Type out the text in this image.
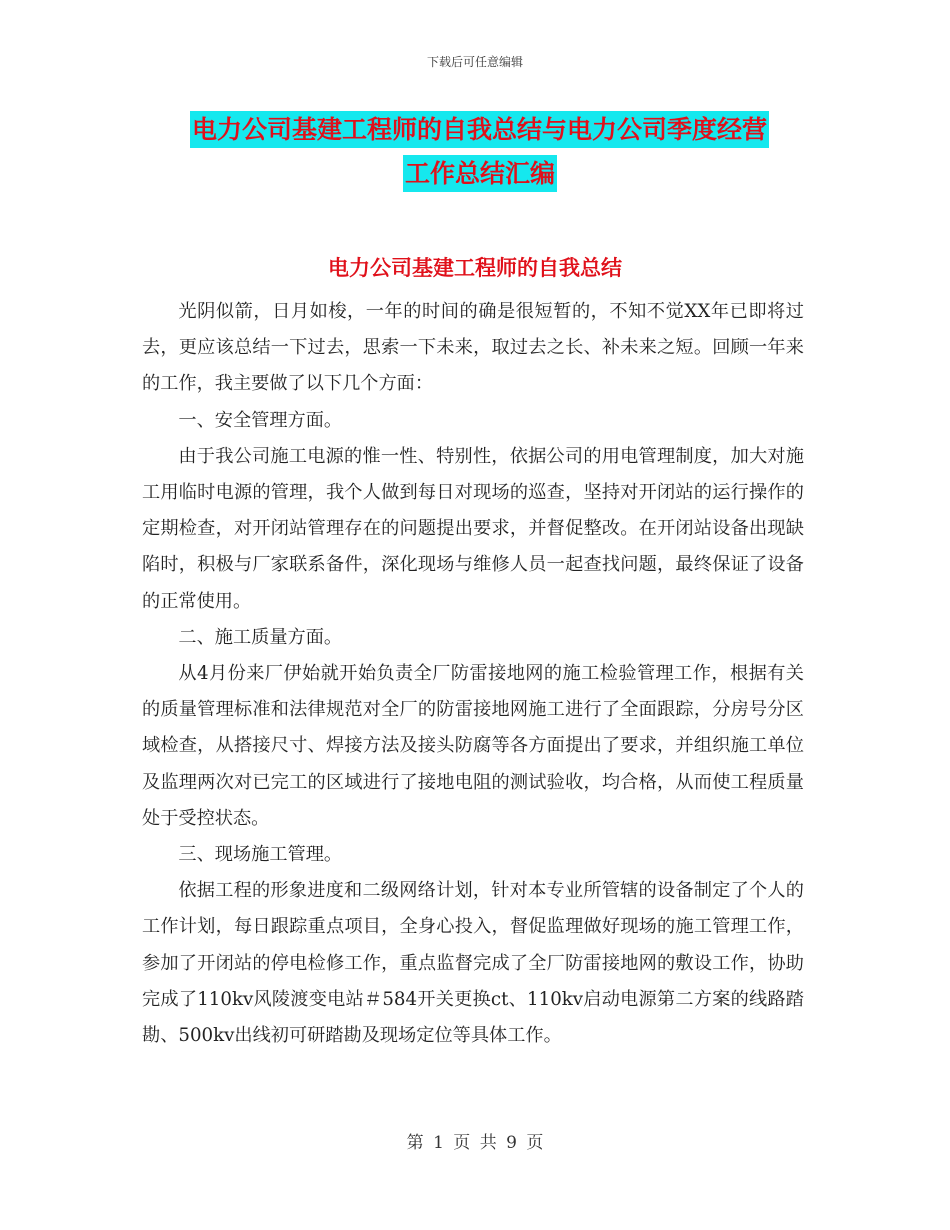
下载后可任意编辑
电力公司基建工程师的自我总结与电力公司季度经营
工作总结汇编
电力公司基建工程师的自我总结

光阴似箭，日月如梭，一年的时间的确是很短暂的，不知不觉XX年已即将过去，更应该总结一下过去，思索一下未来，取过去之长、补未来之短。回顾一年来的工作，我主要做了以下几个方面：

一、安全管理方面。

由于我公司施工电源的惟一性、特别性，依据公司的用电管理制度，加大对施工用临时电源的管理，我个人做到每日对现场的巡查，坚持对开闭站的运行操作的定期检查，对开闭站管理存在的问题提出要求，并督促整改。在开闭站设备出现缺陷时，积极与厂家联系备件，深化现场与维修人员一起查找问题，最终保证了设备的正常使用。

二、施工质量方面。

从4月份来厂伊始就开始负责全厂防雷接地网的施工检验管理工作，根据有关的质量管理标准和法律规范对全厂的防雷接地网施工进行了全面跟踪，分房号分区域检查，从搭接尺寸、焊接方法及接头防腐等各方面提出了要求，并组织施工单位及监理两次对已完工的区域进行了接地电阻的测试验收，均合格，从而使工程质量处于受控状态。

三、现场施工管理。

依据工程的形象进度和二级网络计划，针对本专业所管辖的设备制定了个人的工作计划，每日跟踪重点项目，全身心投入，督促监理做好现场的施工管理工作，参加了开闭站的停电检修工作，重点监督完成了全厂防雷接地网的敷设工作，协助完成了110kv风陵渡变电站＃584开关更换ct、110kv启动电源第二方案的线路踏勘、500kv出线初可研踏勘及现场定位等具体工作。

第 1 页 共 9 页
